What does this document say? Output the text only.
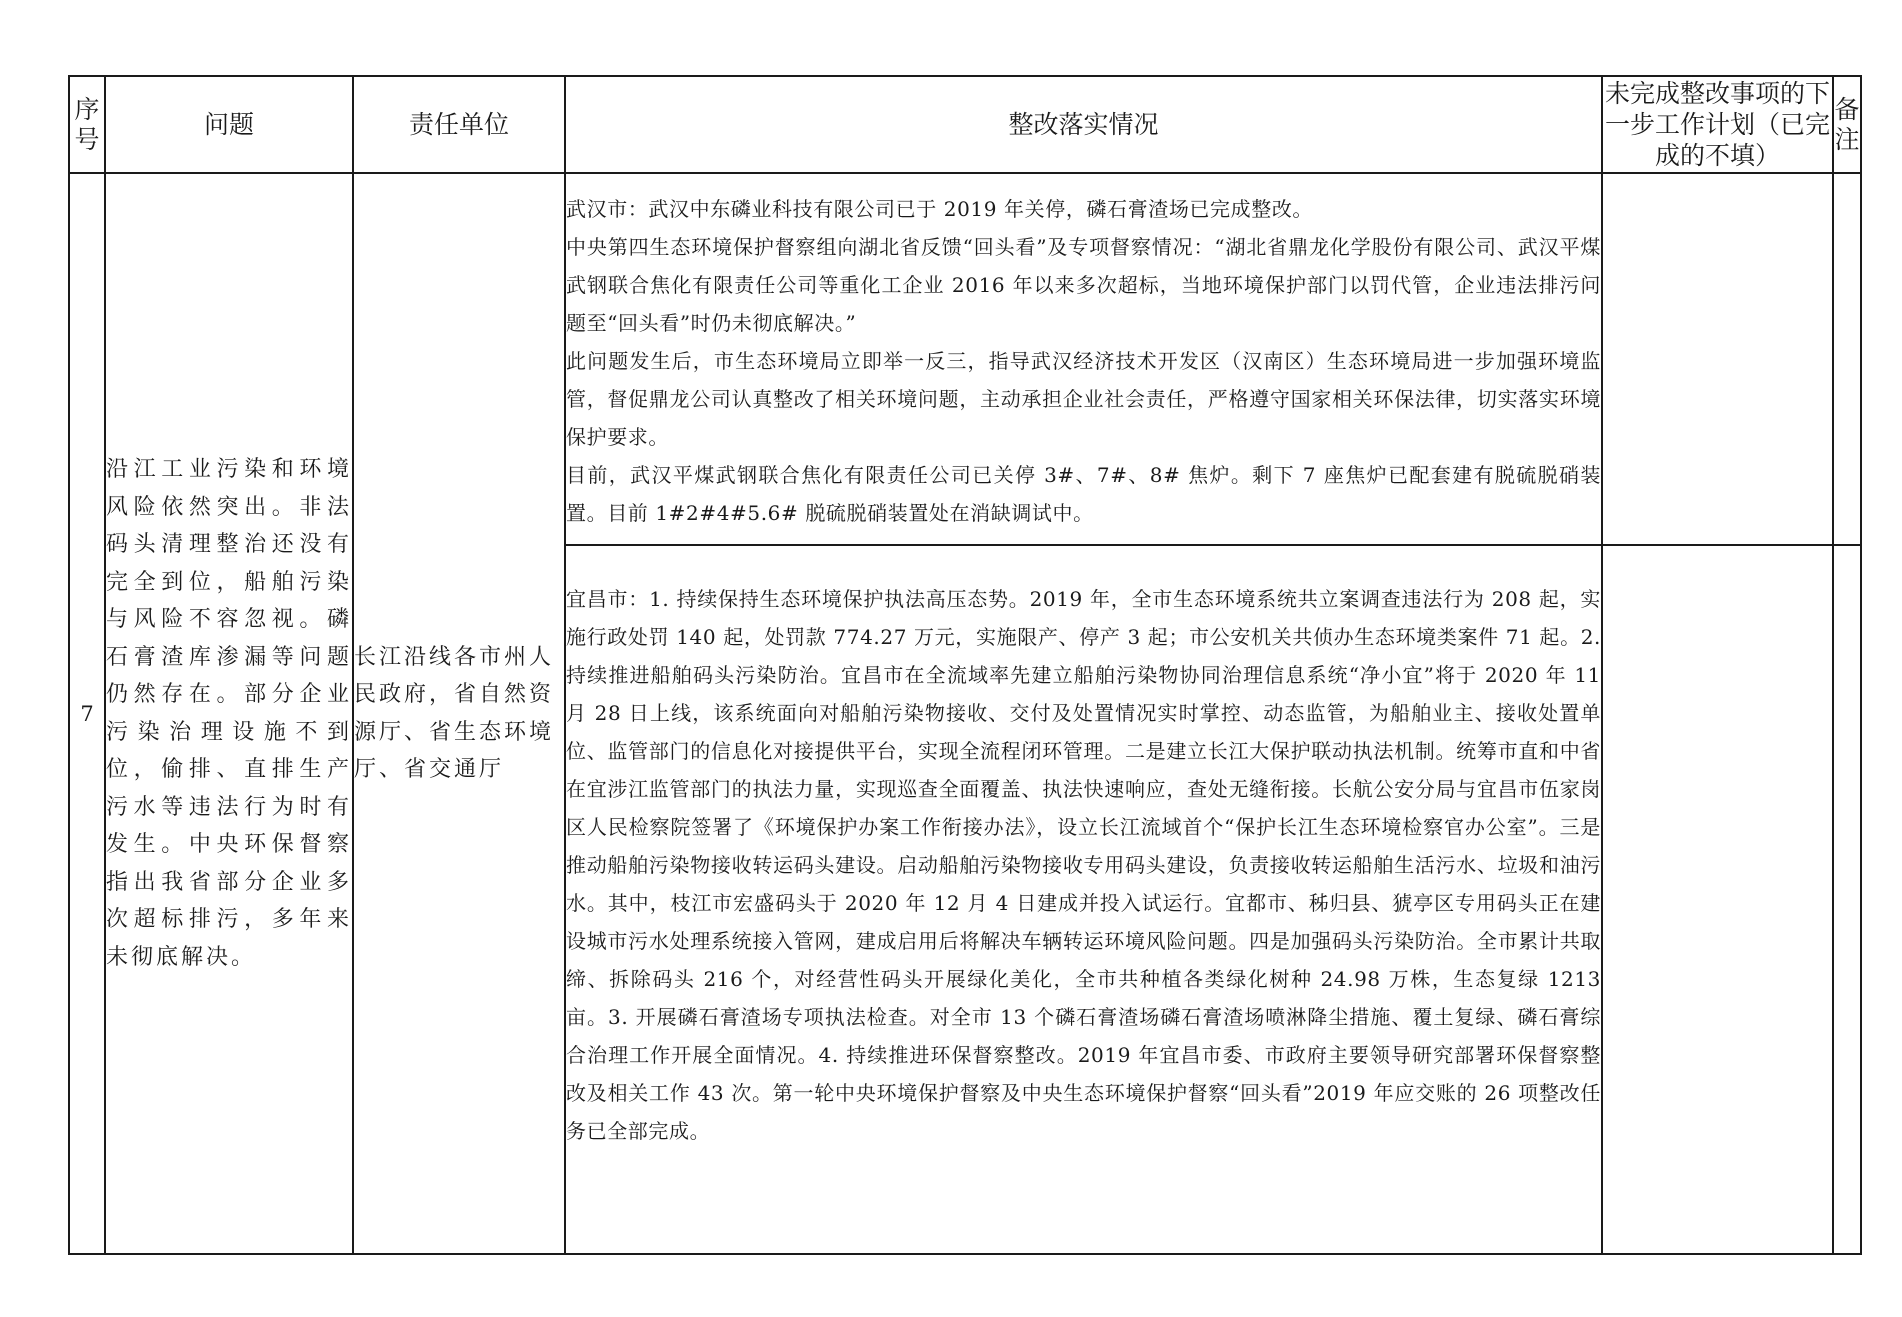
序号	问题	责任单位	整改落实情况	未完成整改事项的下一步工作计划（已完成的不填）	备注
7	沿江工业污染和环境风险依然突出。非法码头清理整治还没有完全到位，船舶污染与风险不容忽视。磷石膏渣库渗漏等问题仍然存在。部分企业污染治理设施不到位，偷排、直排生产污水等违法行为时有发生。中央环保督察指出我省部分企业多次超标排污，多年来未彻底解决。	长江沿线各市州人民政府，省自然资源厅、省生态环境厅、省交通厅	武汉市：武汉中东磷业科技有限公司已于 2019 年关停，磷石膏渣场已完成整改。
中央第四生态环境保护督察组向湖北省反馈“回头看”及专项督察情况：“湖北省鼎龙化学股份有限公司、武汉平煤武钢联合焦化有限责任公司等重化工企业 2016 年以来多次超标，当地环境保护部门以罚代管，企业违法排污问题至“回头看”时仍未彻底解决。”
此问题发生后，市生态环境局立即举一反三，指导武汉经济技术开发区（汉南区）生态环境局进一步加强环境监管，督促鼎龙公司认真整改了相关环境问题，主动承担企业社会责任，严格遵守国家相关环保法律，切实落实环境保护要求。
目前，武汉平煤武钢联合焦化有限责任公司已关停 3#、7#、8# 焦炉。剩下 7 座焦炉已配套建有脱硫脱硝装置。目前 1#2#4#5.6# 脱硫脱硝装置处在消缺调试中。		

			宜昌市：1. 持续保持生态环境保护执法高压态势。2019 年，全市生态环境系统共立案调查违法行为 208 起，实施行政处罚 140 起，处罚款 774.27 万元，实施限产、停产 3 起；市公安机关共侦办生态环境类案件 71 起。2. 持续推进船舶码头污染防治。宜昌市在全流域率先建立船舶污染物协同治理信息系统“净小宜”将于 2020 年 11 月 28 日上线，该系统面向对船舶污染物接收、交付及处置情况实时掌控、动态监管，为船舶业主、接收处置单位、监管部门的信息化对接提供平台，实现全流程闭环管理。二是建立长江大保护联动执法机制。统筹市直和中省在宜涉江监管部门的执法力量，实现巡查全面覆盖、执法快速响应，查处无缝衔接。长航公安分局与宜昌市伍家岗区人民检察院签署了《环境保护办案工作衔接办法》，设立长江流域首个“保护长江生态环境检察官办公室”。三是推动船舶污染物接收转运码头建设。启动船舶污染物接收专用码头建设，负责接收转运船舶生活污水、垃圾和油污水。其中，枝江市宏盛码头于 2020 年 12 月 4 日建成并投入试运行。宜都市、秭归县、猇亭区专用码头正在建设城市污水处理系统接入管网，建成启用后将解决车辆转运环境风险问题。四是加强码头污染防治。全市累计共取缔、拆除码头 216 个，对经营性码头开展绿化美化，全市共种植各类绿化树种 24.98 万株，生态复绿 1213 亩。3. 开展磷石膏渣场专项执法检查。对全市 13 个磷石膏渣场磷石膏渣场喷淋降尘措施、覆土复绿、磷石膏综合治理工作开展全面情况。4. 持续推进环保督察整改。2019 年宜昌市委、市政府主要领导研究部署环保督察整改及相关工作 43 次。第一轮中央环境保护督察及中央生态环境保护督察“回头看”2019 年应交账的 26 项整改任务已全部完成。		
